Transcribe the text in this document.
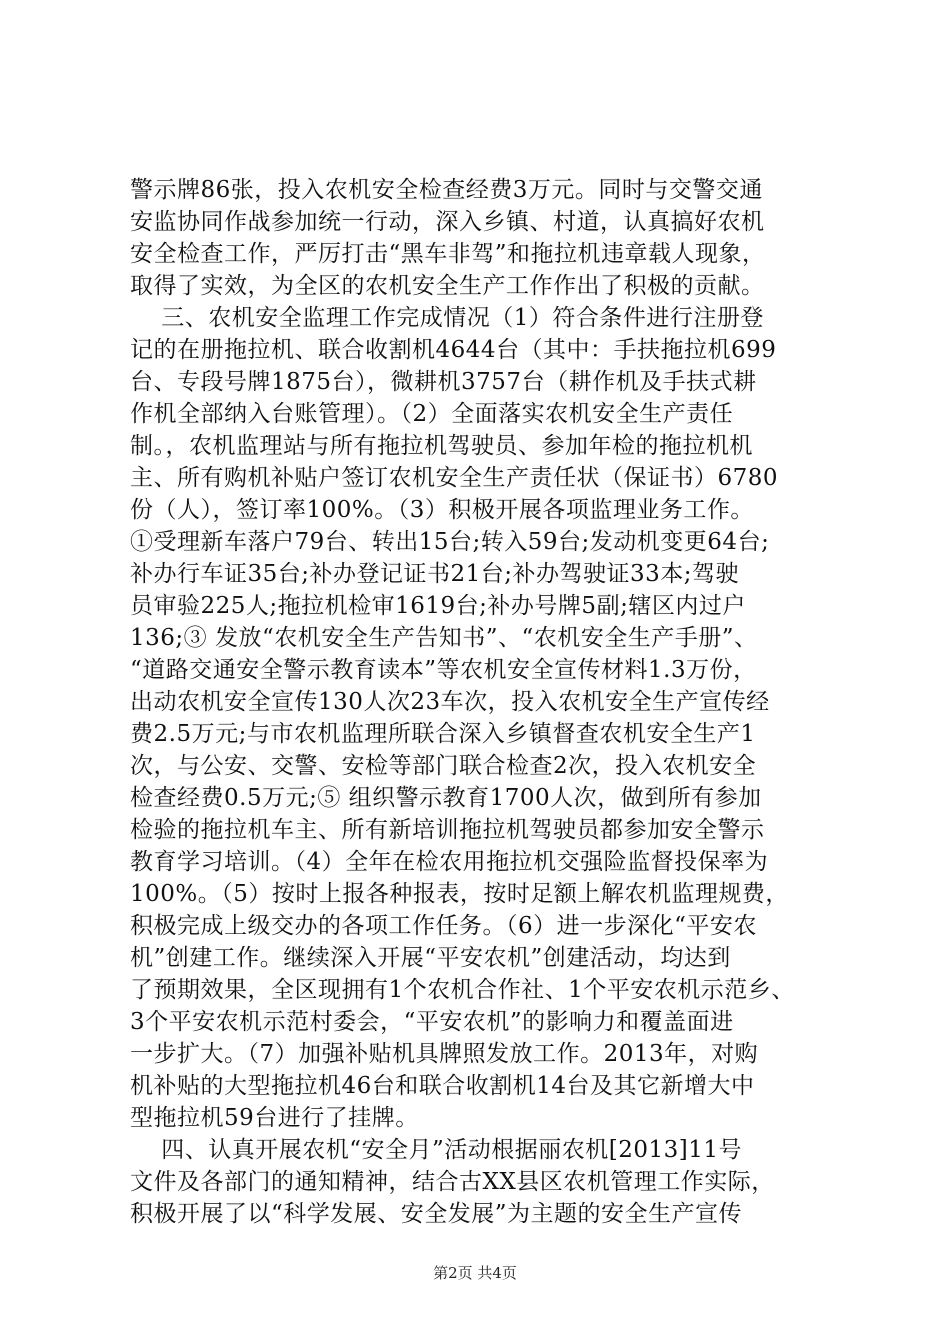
警示牌86张，投入农机安全检查经费3万元。同时与交警交通
安监协同作战参加统一行动，深入乡镇、村道，认真搞好农机
安全检查工作，严厉打击“黑车非驾”和拖拉机违章载人现象，
取得了实效，为全区的农机安全生产工作作出了积极的贡献。
三、农机安全监理工作完成情况（1）符合条件进行注册登
记的在册拖拉机、联合收割机4644台（其中：手扶拖拉机699
台、专段号牌1875台），微耕机3757台（耕作机及手扶式耕
作机全部纳入台账管理）。（2）全面落实农机安全生产责任
制。，农机监理站与所有拖拉机驾驶员、参加年检的拖拉机机
主、所有购机补贴户签订农机安全生产责任状（保证书）6780
份（人），签订率100%。（3）积极开展各项监理业务工作。
①受理新车落户79台、转出15台;转入59台;发动机变更64台;
补办行车证35台;补办登记证书21台;补办驾驶证33本;驾驶
员审验225人;拖拉机检审1619台;补办号牌5副;辖区内过户
136;③ 发放“农机安全生产告知书”、“农机安全生产手册”、
“道路交通安全警示教育读本”等农机安全宣传材料1.3万份，
出动农机安全宣传130人次23车次，投入农机安全生产宣传经
费2.5万元;与市农机监理所联合深入乡镇督查农机安全生产1
次，与公安、交警、安检等部门联合检查2次，投入农机安全
检查经费0.5万元;⑤ 组织警示教育1700人次，做到所有参加
检验的拖拉机车主、所有新培训拖拉机驾驶员都参加安全警示
教育学习培训。（4）全年在检农用拖拉机交强险监督投保率为
100%。（5）按时上报各种报表，按时足额上解农机监理规费，
积极完成上级交办的各项工作任务。（6）进一步深化“平安农
机”创建工作。继续深入开展“平安农机”创建活动，均达到
了预期效果，全区现拥有1个农机合作社、1个平安农机示范乡、
3个平安农机示范村委会，“平安农机”的影响力和覆盖面进
一步扩大。（7）加强补贴机具牌照发放工作。2013年，对购
机补贴的大型拖拉机46台和联合收割机14台及其它新增大中
型拖拉机59台进行了挂牌。
四、认真开展农机“安全月”活动根据丽农机[2013]11号
文件及各部门的通知精神，结合古XX县区农机管理工作实际，
积极开展了以“科学发展、安全发展”为主题的安全生产宣传
第2页 共4页
